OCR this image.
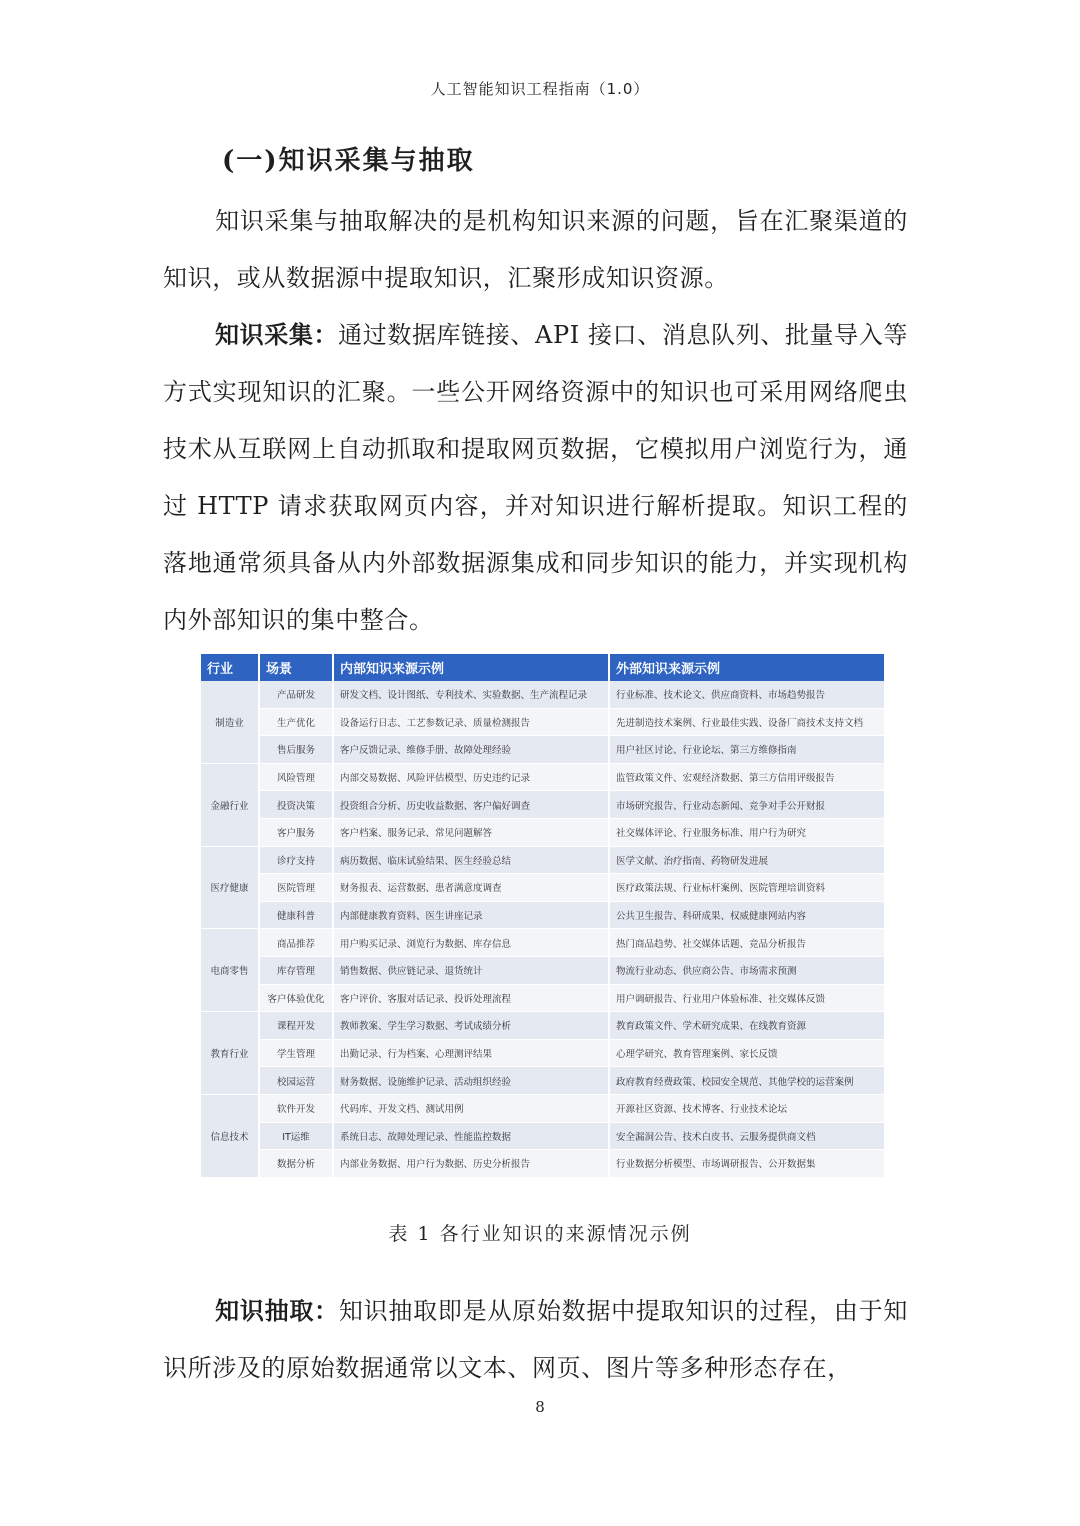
人工智能知识工程指南（1.0）
(一)知识采集与抽取

知识采集与抽取解决的是机构知识来源的问题，旨在汇聚渠道的知识，或从数据源中提取知识，汇聚形成知识资源。

知识采集：通过数据库链接、API 接口、消息队列、批量导入等方式实现知识的汇聚。一些公开网络资源中的知识也可采用网络爬虫技术从互联网上自动抓取和提取网页数据，它模拟用户浏览行为，通过 HTTP 请求获取网页内容，并对知识进行解析提取。知识工程的落地通常须具备从内外部数据源集成和同步知识的能力，并实现机构内外部知识的集中整合。

行业	场景	内部知识来源示例	外部知识来源示例
制造业	产品研发	研发文档、设计图纸、专利技术、实验数据、生产流程记录	行业标准、技术论文、供应商资料、市场趋势报告
	生产优化	设备运行日志、工艺参数记录、质量检测报告	先进制造技术案例、行业最佳实践、设备厂商技术支持文档
	售后服务	客户反馈记录、维修手册、故障处理经验	用户社区讨论、行业论坛、第三方维修指南
金融行业	风险管理	内部交易数据、风险评估模型、历史违约记录	监管政策文件、宏观经济数据、第三方信用评级报告
	投资决策	投资组合分析、历史收益数据、客户偏好调查	市场研究报告、行业动态新闻、竞争对手公开财报
	客户服务	客户档案、服务记录、常见问题解答	社交媒体评论、行业服务标准、用户行为研究
医疗健康	诊疗支持	病历数据、临床试验结果、医生经验总结	医学文献、治疗指南、药物研发进展
	医院管理	财务报表、运营数据、患者满意度调查	医疗政策法规、行业标杆案例、医院管理培训资料
	健康科普	内部健康教育资料、医生讲座记录	公共卫生报告、科研成果、权威健康网站内容
电商零售	商品推荐	用户购买记录、浏览行为数据、库存信息	热门商品趋势、社交媒体话题、竞品分析报告
	库存管理	销售数据、供应链记录、退货统计	物流行业动态、供应商公告、市场需求预测
	客户体验优化	客户评价、客服对话记录、投诉处理流程	用户调研报告、行业用户体验标准、社交媒体反馈
教育行业	课程开发	教师教案、学生学习数据、考试成绩分析	教育政策文件、学术研究成果、在线教育资源
	学生管理	出勤记录、行为档案、心理测评结果	心理学研究、教育管理案例、家长反馈
	校园运营	财务数据、设施维护记录、活动组织经验	政府教育经费政策、校园安全规范、其他学校的运营案例
信息技术	软件开发	代码库、开发文档、测试用例	开源社区资源、技术博客、行业技术论坛
	IT运维	系统日志、故障处理记录、性能监控数据	安全漏洞公告、技术白皮书、云服务提供商文档
	数据分析	内部业务数据、用户行为数据、历史分析报告	行业数据分析模型、市场调研报告、公开数据集
表 1 各行业知识的来源情况示例

知识抽取：知识抽取即是从原始数据中提取知识的过程，由于知识所涉及的原始数据通常以文本、网页、图片等多种形态存在，

8
